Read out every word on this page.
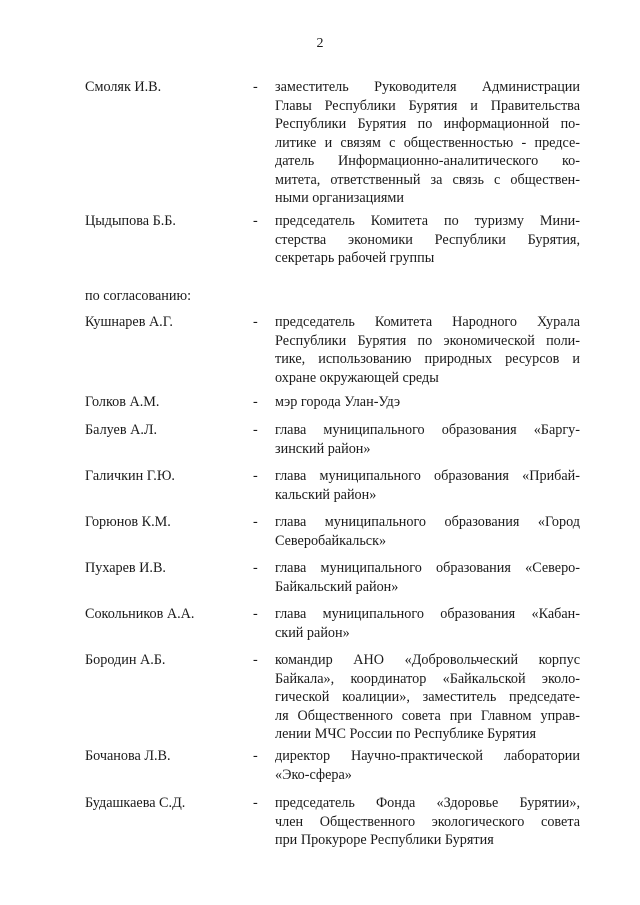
2
Смоляк И.В.	- заместитель Руководителя Администрации
Главы Республики Бурятия и Правительства
Республики Бурятия по информационной по-
литике и связям с общественностью - предсе-
датель Информационно-аналитического ко-
митета, ответственный за связь с обществен-
ными организациями
Цыдыпова Б.Б.	- председатель Комитета по туризму Мини-
стерства экономики Республики Бурятия,
секретарь рабочей группы
по согласованию:
Кушнарев А.Г.	- председатель Комитета Народного Хурала
Республики Бурятия по экономической поли-
тике, использованию природных ресурсов и
охране окружающей среды
Голков А.М.	- мэр города Улан-Удэ
Балуев А.Л.	- глава муниципального образования «Баргу-
зинский район»
Галичкин Г.Ю.	- глава муниципального образования «Прибай-
кальский район»
Горюнов К.М.	- глава муниципального образования «Город
Северобайкальск»
Пухарев И.В.	- глава муниципального образования «Северо-
Байкальский район»
Сокольников А.А.	- глава муниципального образования «Кабан-
ский район»
Бородин А.Б.	- командир АНО «Добровольческий корпус
Байкала», координатор «Байкальской эколо-
гической коалиции», заместитель председате-
ля Общественного совета при Главном управ-
лении МЧС России по Республике Бурятия
Бочанова Л.В.	- директор Научно-практической лаборатории
«Эко-сфера»
Будашкаева С.Д.	- председатель Фонда «Здоровье Бурятии»,
член Общественного экологического совета
при Прокуроре Республики Бурятия
